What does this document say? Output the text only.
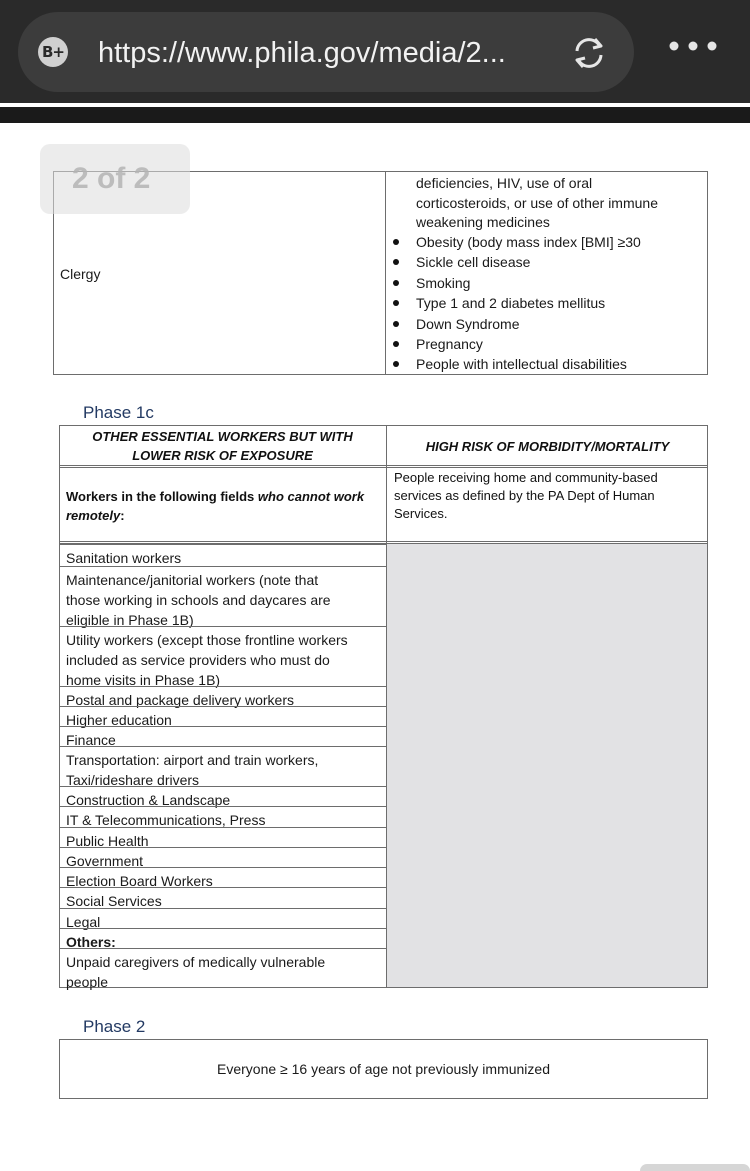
B+ https://www.phila.gov/media/2...
Clergy
deficiencies, HIV, use of oral
corticosteroids, or use of other immune
weakening medicines
Obesity (body mass index [BMI] ≥30
Sickle cell disease
Smoking
Type 1 and 2 diabetes mellitus
Down Syndrome
Pregnancy
People with intellectual disabilities
2 of 2
Phase 1c
OTHER ESSENTIAL WORKERS BUT WITH
LOWER RISK OF EXPOSURE
HIGH RISK OF MORBIDITY/MORTALITY
Workers in the following fields who cannot work
remotely:
People receiving home and community-based
services as defined by the PA Dept of Human
Services.
Sanitation workers
Maintenance/janitorial workers (note that
those working in schools and daycares are
eligible in Phase 1B)
Utility workers (except those frontline workers
included as service providers who must do
home visits in Phase 1B)
Postal and package delivery workers
Higher education
Finance
Transportation: airport and train workers,
Taxi/rideshare drivers
Construction & Landscape
IT & Telecommunications, Press
Public Health
Government
Election Board Workers
Social Services
Legal
Others:
Unpaid caregivers of medically vulnerable
people
Phase 2
Everyone ≥ 16 years of age not previously immunized
